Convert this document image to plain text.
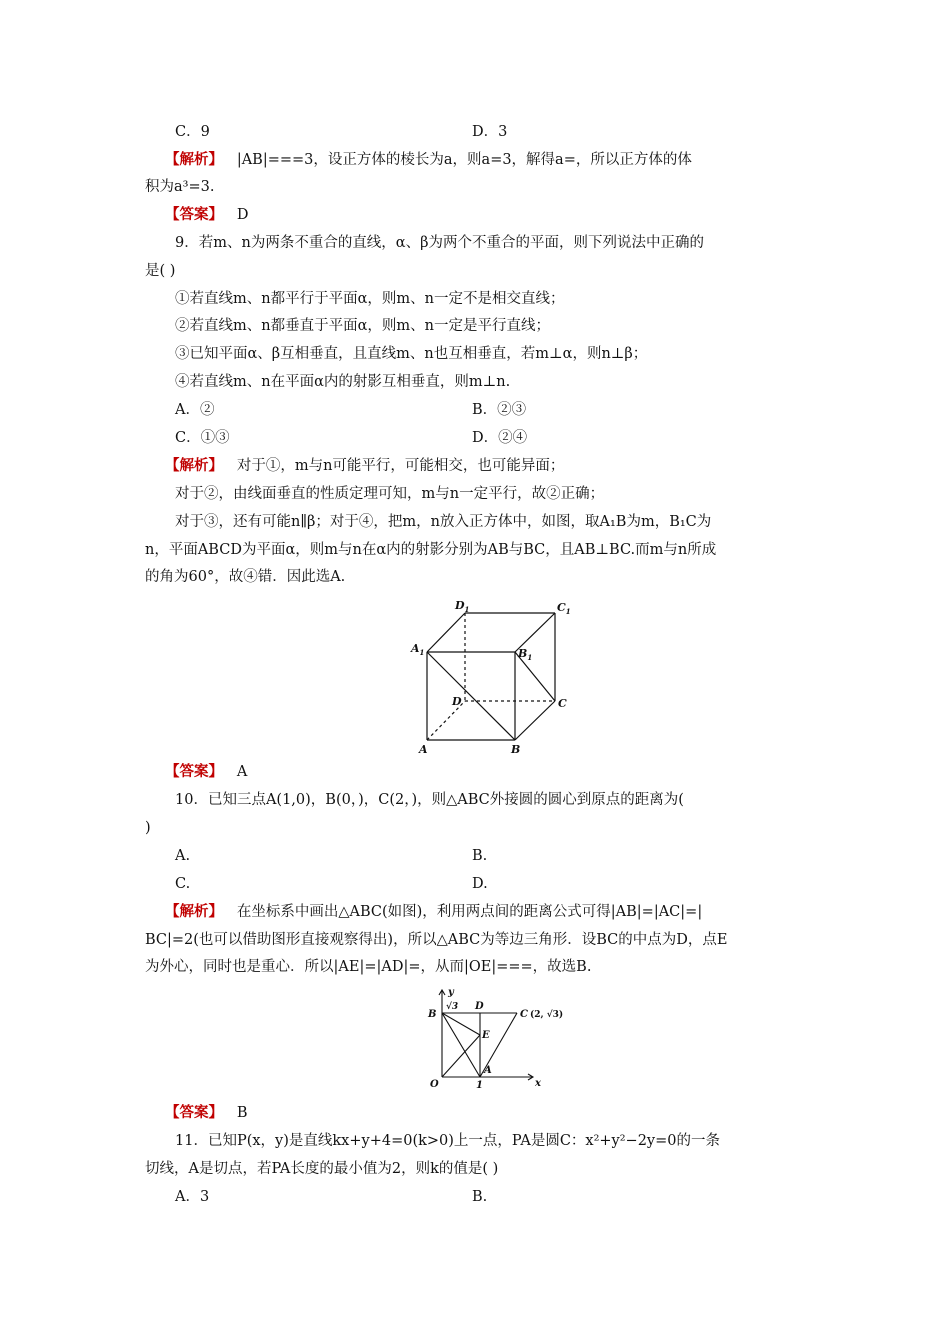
C．9	D．3
【解析】 |AB|===3，设正方体的棱长为a，则a=3，解得a=，所以正方体的体
积为a³=3.
【答案】 D
9．若m、n为两条不重合的直线，α、β为两个不重合的平面，则下列说法中正确的
是( )
①若直线m、n都平行于平面α，则m、n一定不是相交直线；
②若直线m、n都垂直于平面α，则m、n一定是平行直线；
③已知平面α、β互相垂直，且直线m、n也互相垂直，若m⊥α，则n⊥β；
④若直线m、n在平面α内的射影互相垂直，则m⊥n.
A．②	B．②③
C．①③	D．②④
【解析】 对于①，m与n可能平行，可能相交，也可能异面；
对于②，由线面垂直的性质定理可知，m与n一定平行，故②正确；
对于③，还有可能n∥β；对于④，把m，n放入正方体中，如图，取A₁B为m，B₁C为
n，平面ABCD为平面α，则m与n在α内的射影分别为AB与BC，且AB⊥BC.而m与n所成
的角为60°，故④错．因此选A.
$D_1$	$C_1$
$A_1$	$B_1$
D	C
A	B
【答案】 A
10．已知三点A(1,0)，B(0，)，C(2，)，则△ABC外接圆的圆心到原点的距离为(
)
A.	B.
C.	D.
【解析】 在坐标系中画出△ABC(如图)，利用两点间的距离公式可得|AB|=|AC|=|
BC|=2(也可以借助图形直接观察得出)，所以△ABC为等边三角形．设BC的中点为D，点E
为外心，同时也是重心．所以|AE|=|AD|=，从而|OE|===，故选B.
y
x
O	1
A
B
√3 D
E
C (2, √3)
【答案】 B
11．已知P(x，y)是直线kx+y+4=0(k>0)上一点，PA是圆C：x²+y²−2y=0的一条
切线，A是切点，若PA长度的最小值为2，则k的值是( )
A．3	B.
